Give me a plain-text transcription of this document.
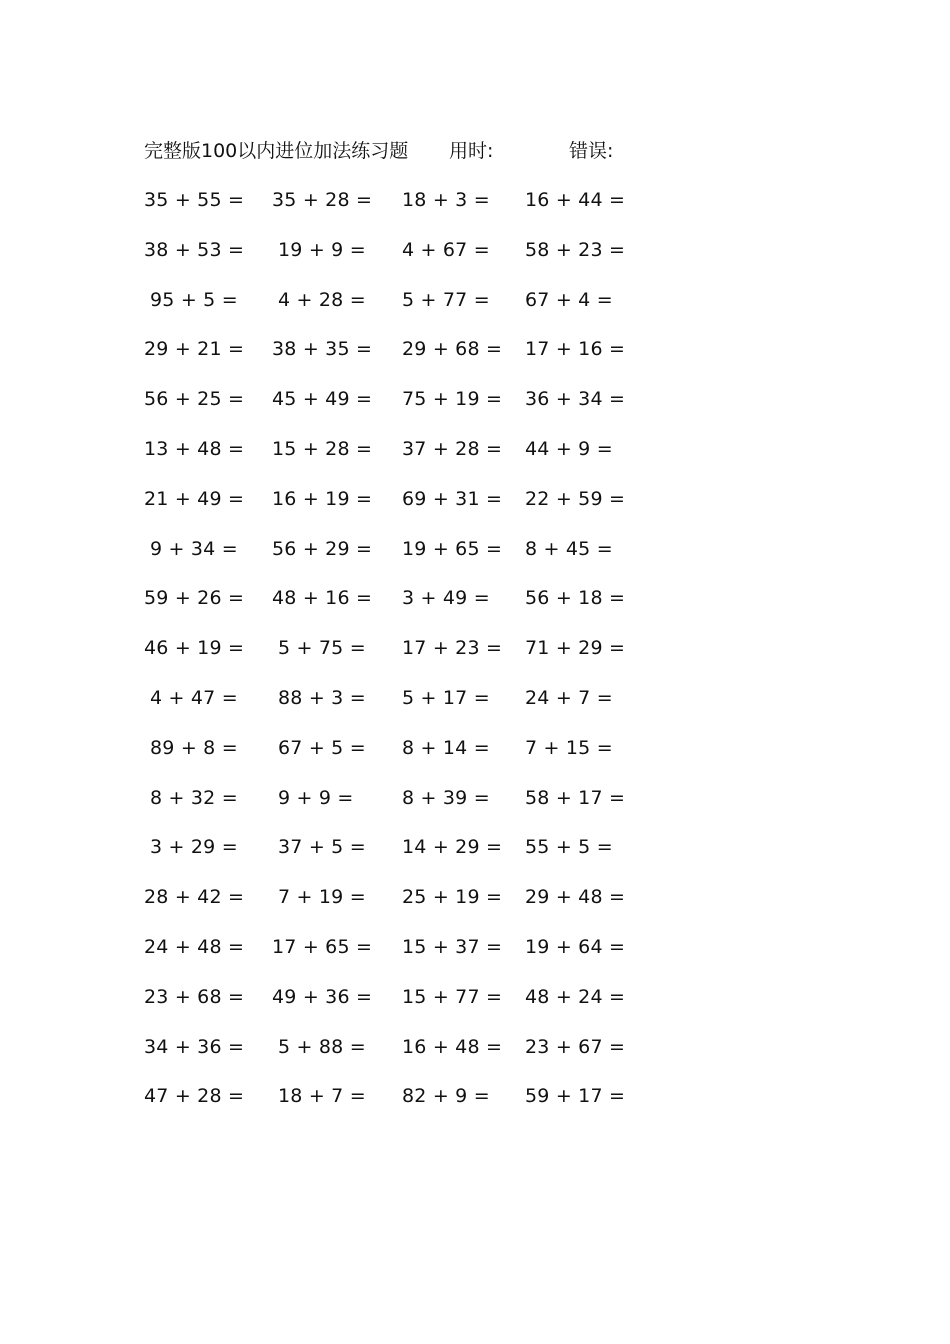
完整版100以内进位加法练习题 用时:	错误:
35 + 55 = 35 + 28 = 18 + 3 = 16 + 44 =
38 + 53 = 19 + 9 = 4 + 67 = 58 + 23 =
95 + 5 = 4 + 28 = 5 + 77 = 67 + 4 =
29 + 21 = 38 + 35 = 29 + 68 = 17 + 16 =
56 + 25 = 45 + 49 = 75 + 19 = 36 + 34 =
13 + 48 = 15 + 28 = 37 + 28 = 44 + 9 =
21 + 49 = 16 + 19 = 69 + 31 = 22 + 59 =
9 + 34 = 56 + 29 = 19 + 65 = 8 + 45 =
59 + 26 = 48 + 16 = 3 + 49 = 56 + 18 =
46 + 19 = 5 + 75 = 17 + 23 = 71 + 29 =
4 + 47 = 88 + 3 = 5 + 17 = 24 + 7 =
89 + 8 = 67 + 5 = 8 + 14 = 7 + 15 =
8 + 32 = 9 + 9 =	8 + 39 = 58 + 17 =
3 + 29 = 37 + 5 = 14 + 29 = 55 + 5 =
28 + 42 = 7 + 19 = 25 + 19 = 29 + 48 =
24 + 48 = 17 + 65 = 15 + 37 = 19 + 64 =
23 + 68 = 49 + 36 = 15 + 77 = 48 + 24 =
34 + 36 = 5 + 88 = 16 + 48 = 23 + 67 =
47 + 28 = 18 + 7 = 82 + 9 = 59 + 17 =
